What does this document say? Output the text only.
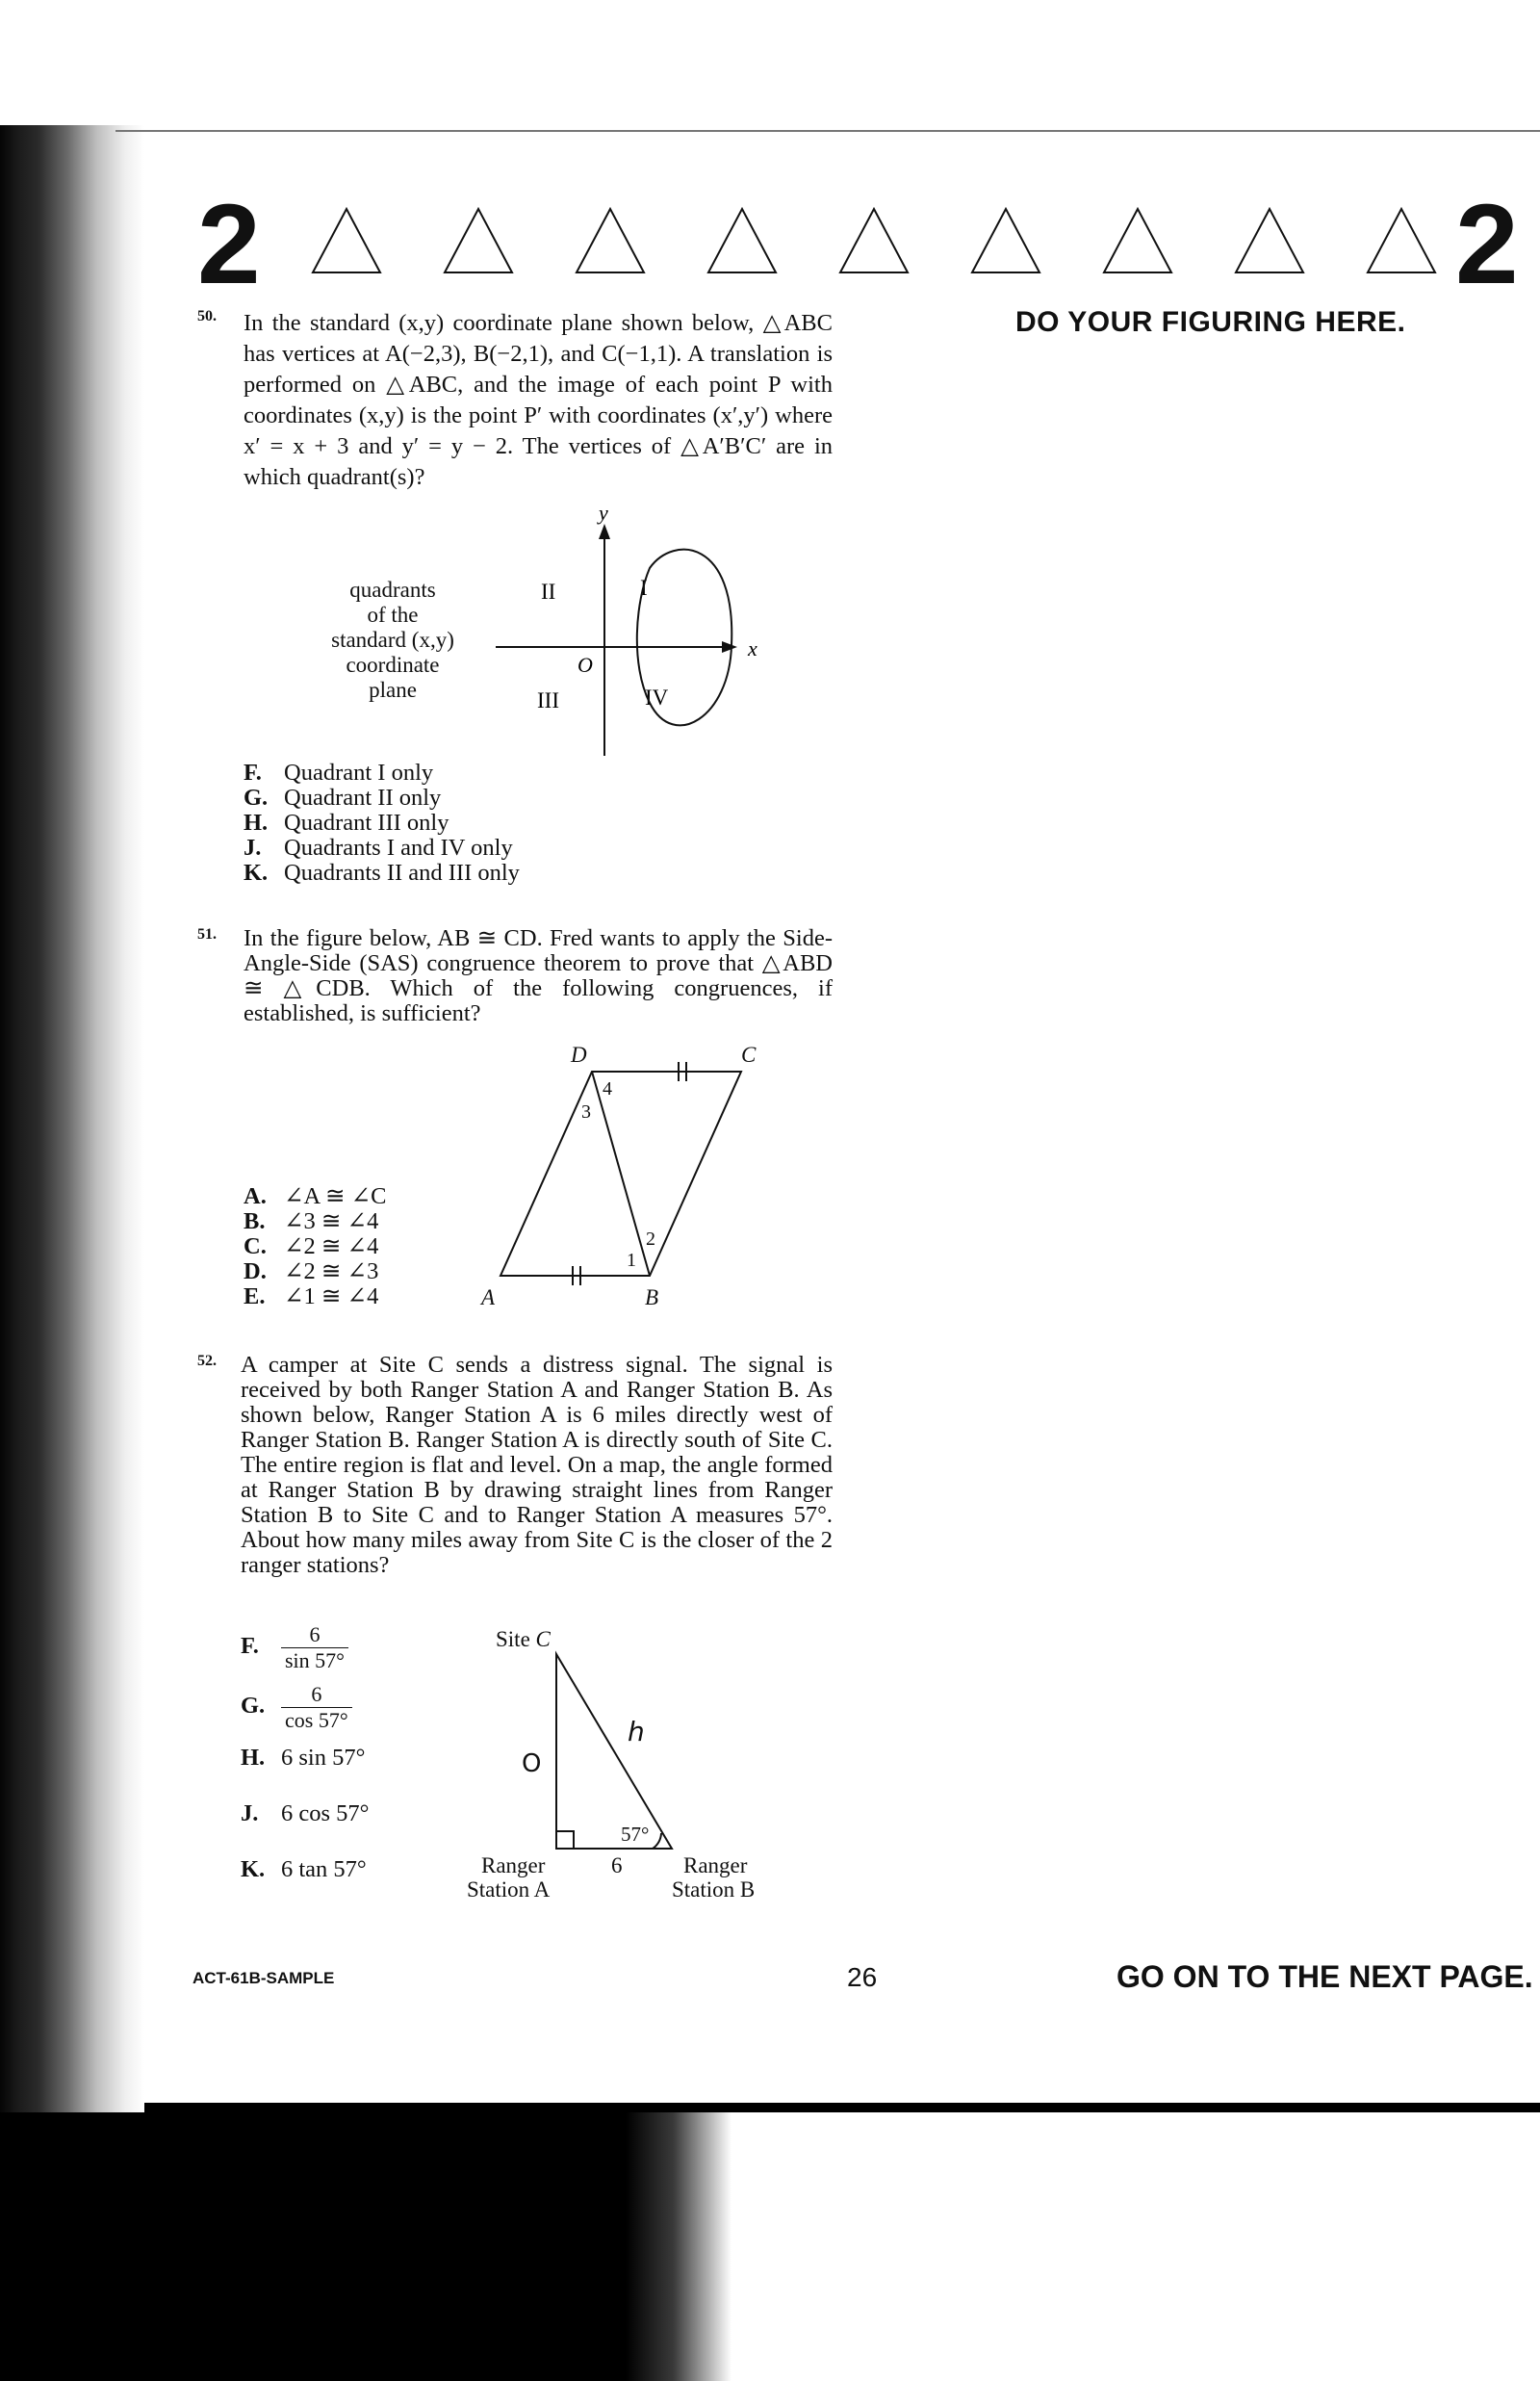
2	2
DO YOUR FIGURING HERE.
50. In the standard (x,y) coordinate plane shown below, △ABC has vertices at A(−2,3), B(−2,1), and C(−1,1). A translation is performed on △ABC, and the image of each point P with coordinates (x,y) is the point P′ with coordinates (x′,y′) where x′ = x + 3 and y′ = y − 2. The vertices of △A′B′C′ are in which quadrant(s)?
quadrants
of the
standard (x,y)
coordinate
plane
x
y
O
II
III
I
IV
F. Quadrant I only
G. Quadrant II only
H. Quadrant III only
J. Quadrants I and IV only
K. Quadrants II and III only
51. In the figure below, AB ≅ CD. Fred wants to apply the Side-Angle-Side (SAS) congruence theorem to prove that △ABD ≅ △CDB. Which of the following congruences, if established, is sufficient?
D	C
A	B
4
3
2
1
A. ∠A ≅ ∠C
B. ∠3 ≅ ∠4
C. ∠2 ≅ ∠4
D. ∠2 ≅ ∠3
E. ∠1 ≅ ∠4
52. A camper at Site C sends a distress signal. The signal is received by both Ranger Station A and Ranger Station B. As shown below, Ranger Station A is 6 miles directly west of Ranger Station B. Ranger Station A is directly south of Site C. The entire region is flat and level. On a map, the angle formed at Ranger Station B by drawing straight lines from Ranger Station B to Site C and to Ranger Station A measures 57°. About how many miles away from Site C is the closer of the 2 ranger stations?
F. $\frac{6}{\sin 57^\circ}$
G. $\frac{6}{\cos 57^\circ}$
H. 6 sin 57°
J. 6 cos 57°
K. 6 tan 57°
Site C
57°
6
Ranger
Station A
Ranger
Station B
O
h
ACT-61B-SAMPLE	26	GO ON TO THE NEXT PAGE.
